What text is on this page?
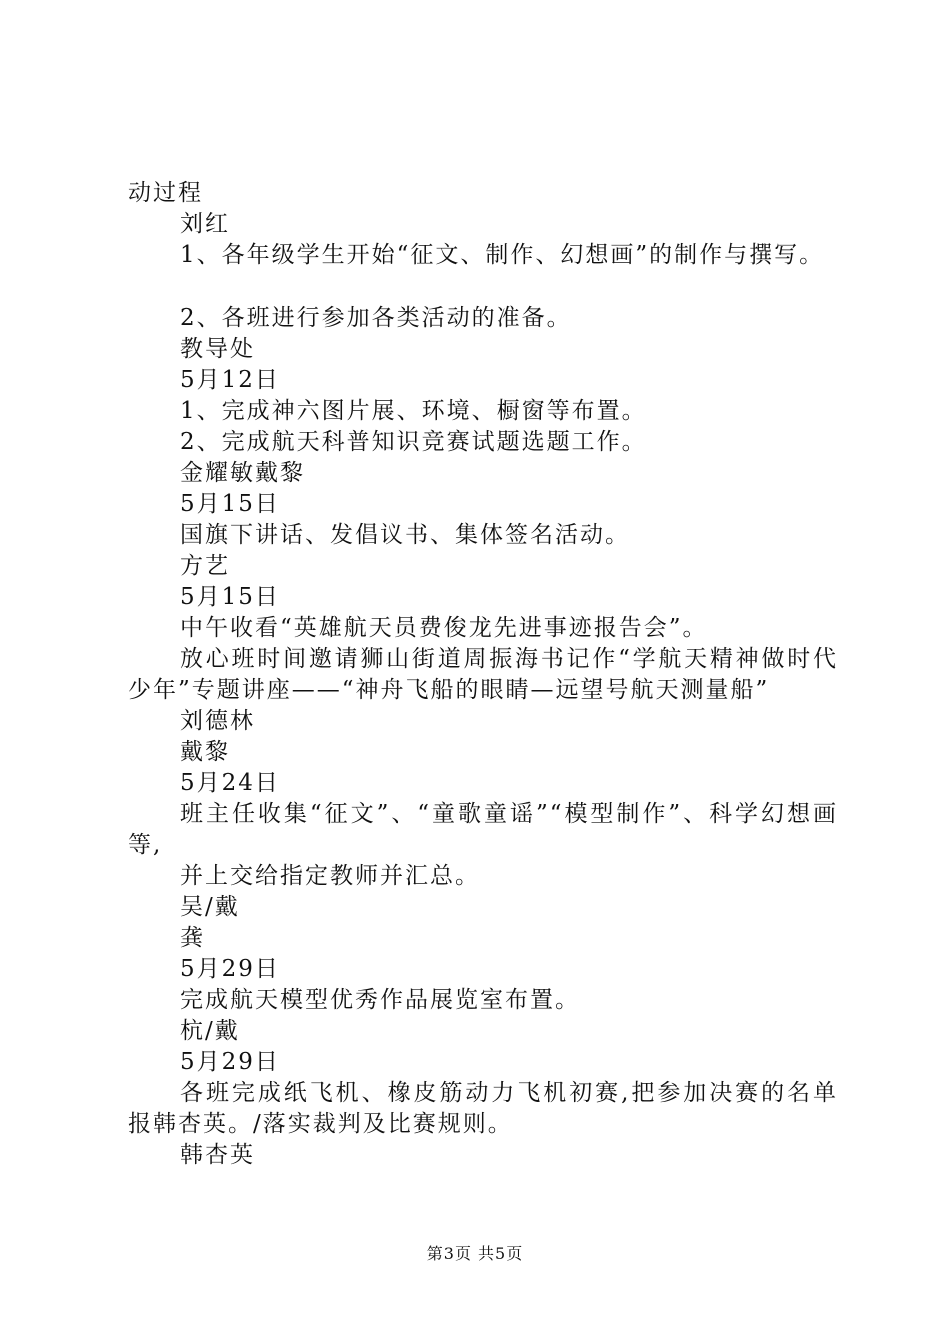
动过程
刘红
1、各年级学生开始“征文、制作、幻想画”的制作与撰写。
2、各班进行参加各类活动的准备。
教导处
5月12日
1、完成神六图片展、环境、橱窗等布置。
2、完成航天科普知识竞赛试题选题工作。
金耀敏戴黎
5月15日
国旗下讲话、发倡议书、集体签名活动。
方艺
5月15日
中午收看“英雄航天员费俊龙先进事迹报告会”。
放心班时间邀请狮山街道周振海书记作“学航天精神做时代少年”专题讲座——“神舟飞船的眼睛—远望号航天测量船”
刘德林
戴黎
5月24日
班主任收集“征文”、“童歌童谣”“模型制作”、科学幻想画等,
并上交给指定教师并汇总。
吴/戴
龚
5月29日
完成航天模型优秀作品展览室布置。
杭/戴
5月29日
各班完成纸飞机、橡皮筋动力飞机初赛,把参加决赛的名单报韩杏英。/落实裁判及比赛规则。
韩杏英
第3页 共5页
